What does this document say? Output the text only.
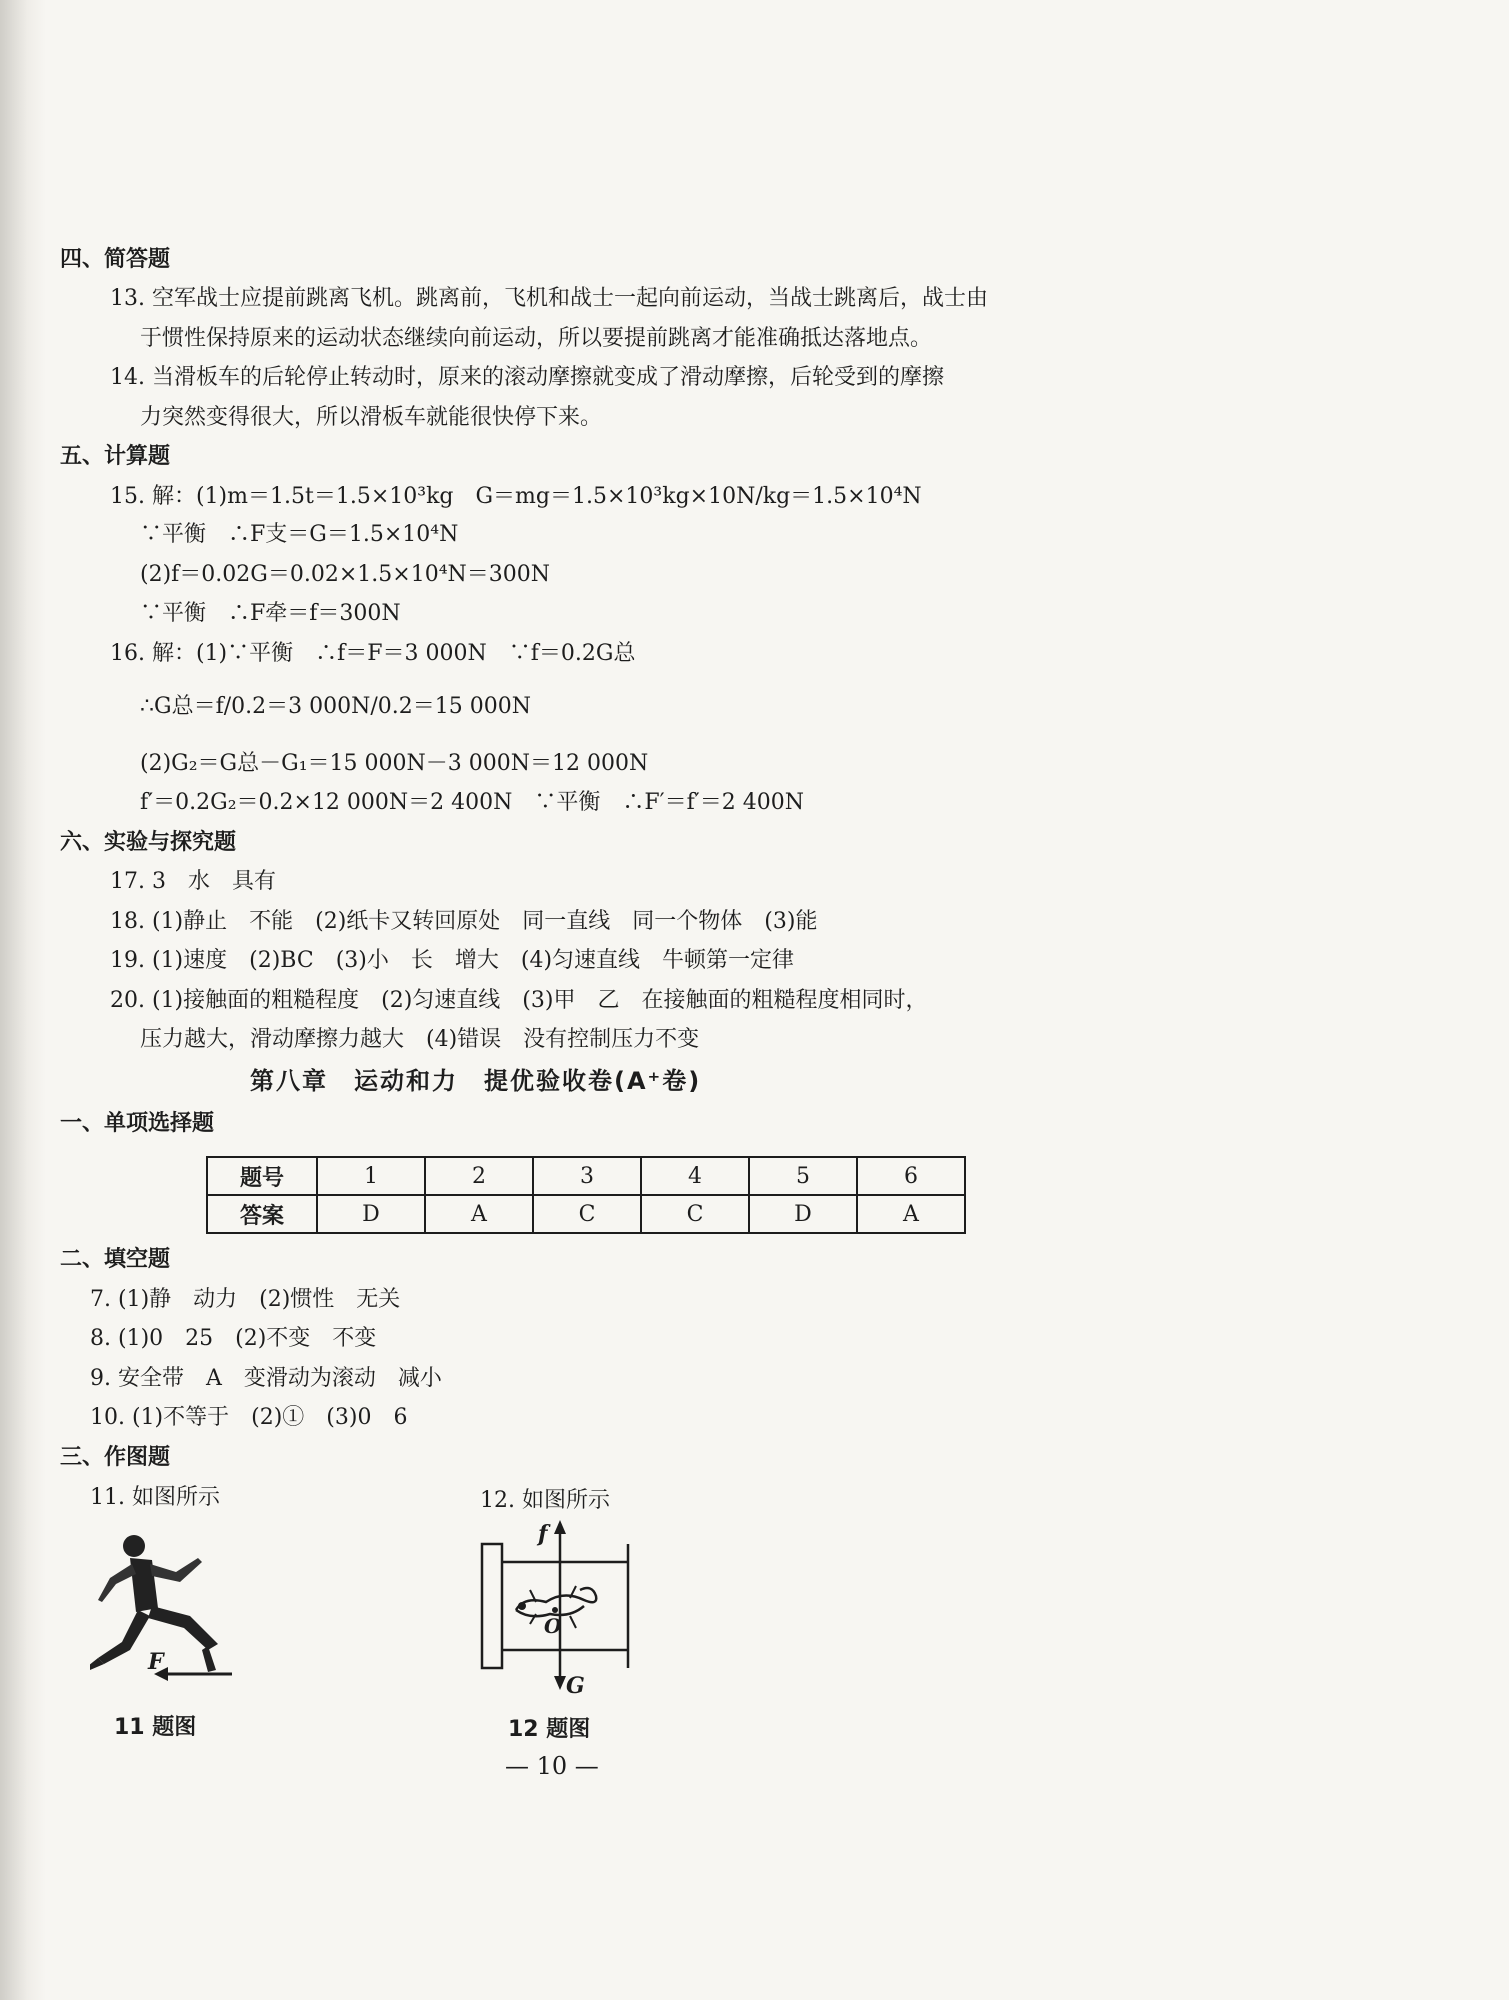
四、简答题
13. 空军战士应提前跳离飞机。跳离前，飞机和战士一起向前运动，当战士跳离后，战士由
于惯性保持原来的运动状态继续向前运动，所以要提前跳离才能准确抵达落地点。
14. 当滑板车的后轮停止转动时，原来的滚动摩擦就变成了滑动摩擦，后轮受到的摩擦
力突然变得很大，所以滑板车就能很快停下来。
五、计算题
15. 解：(1)m＝1.5t＝1.5×10³kg　G＝mg＝1.5×10³kg×10N/kg＝1.5×10⁴N
∵平衡　∴F支＝G＝1.5×10⁴N
(2)f＝0.02G＝0.02×1.5×10⁴N＝300N
∵平衡　∴F牵＝f＝300N
16. 解：(1)∵平衡　∴f＝F＝3 000N　∵f＝0.2G总
∴G总＝f/0.2＝3 000N/0.2＝15 000N
(2)G₂＝G总－G₁＝15 000N－3 000N＝12 000N
f′＝0.2G₂＝0.2×12 000N＝2 400N　∵平衡　∴F′＝f′＝2 400N
六、实验与探究题
17. 3　水　具有
18. (1)静止　不能　(2)纸卡又转回原处　同一直线　同一个物体　(3)能
19. (1)速度　(2)BC　(3)小　长　增大　(4)匀速直线　牛顿第一定律
20. (1)接触面的粗糙程度　(2)匀速直线　(3)甲　乙　在接触面的粗糙程度相同时，
压力越大，滑动摩擦力越大　(4)错误　没有控制压力不变
第八章　运动和力　提优验收卷(A⁺卷)
一、单项选择题
题号	1	2	3	4	5	6
答案	D	A	C	C	D	A
二、填空题
7. (1)静　动力　(2)惯性　无关
8. (1)0　25　(2)不变　不变
9. 安全带　A　变滑动为滚动　减小
10. (1)不等于　(2)①　(3)0　6
三、作图题
11. 如图所示	12. 如图所示
F
f
G
O
11 题图	12 题图
— 10 —
